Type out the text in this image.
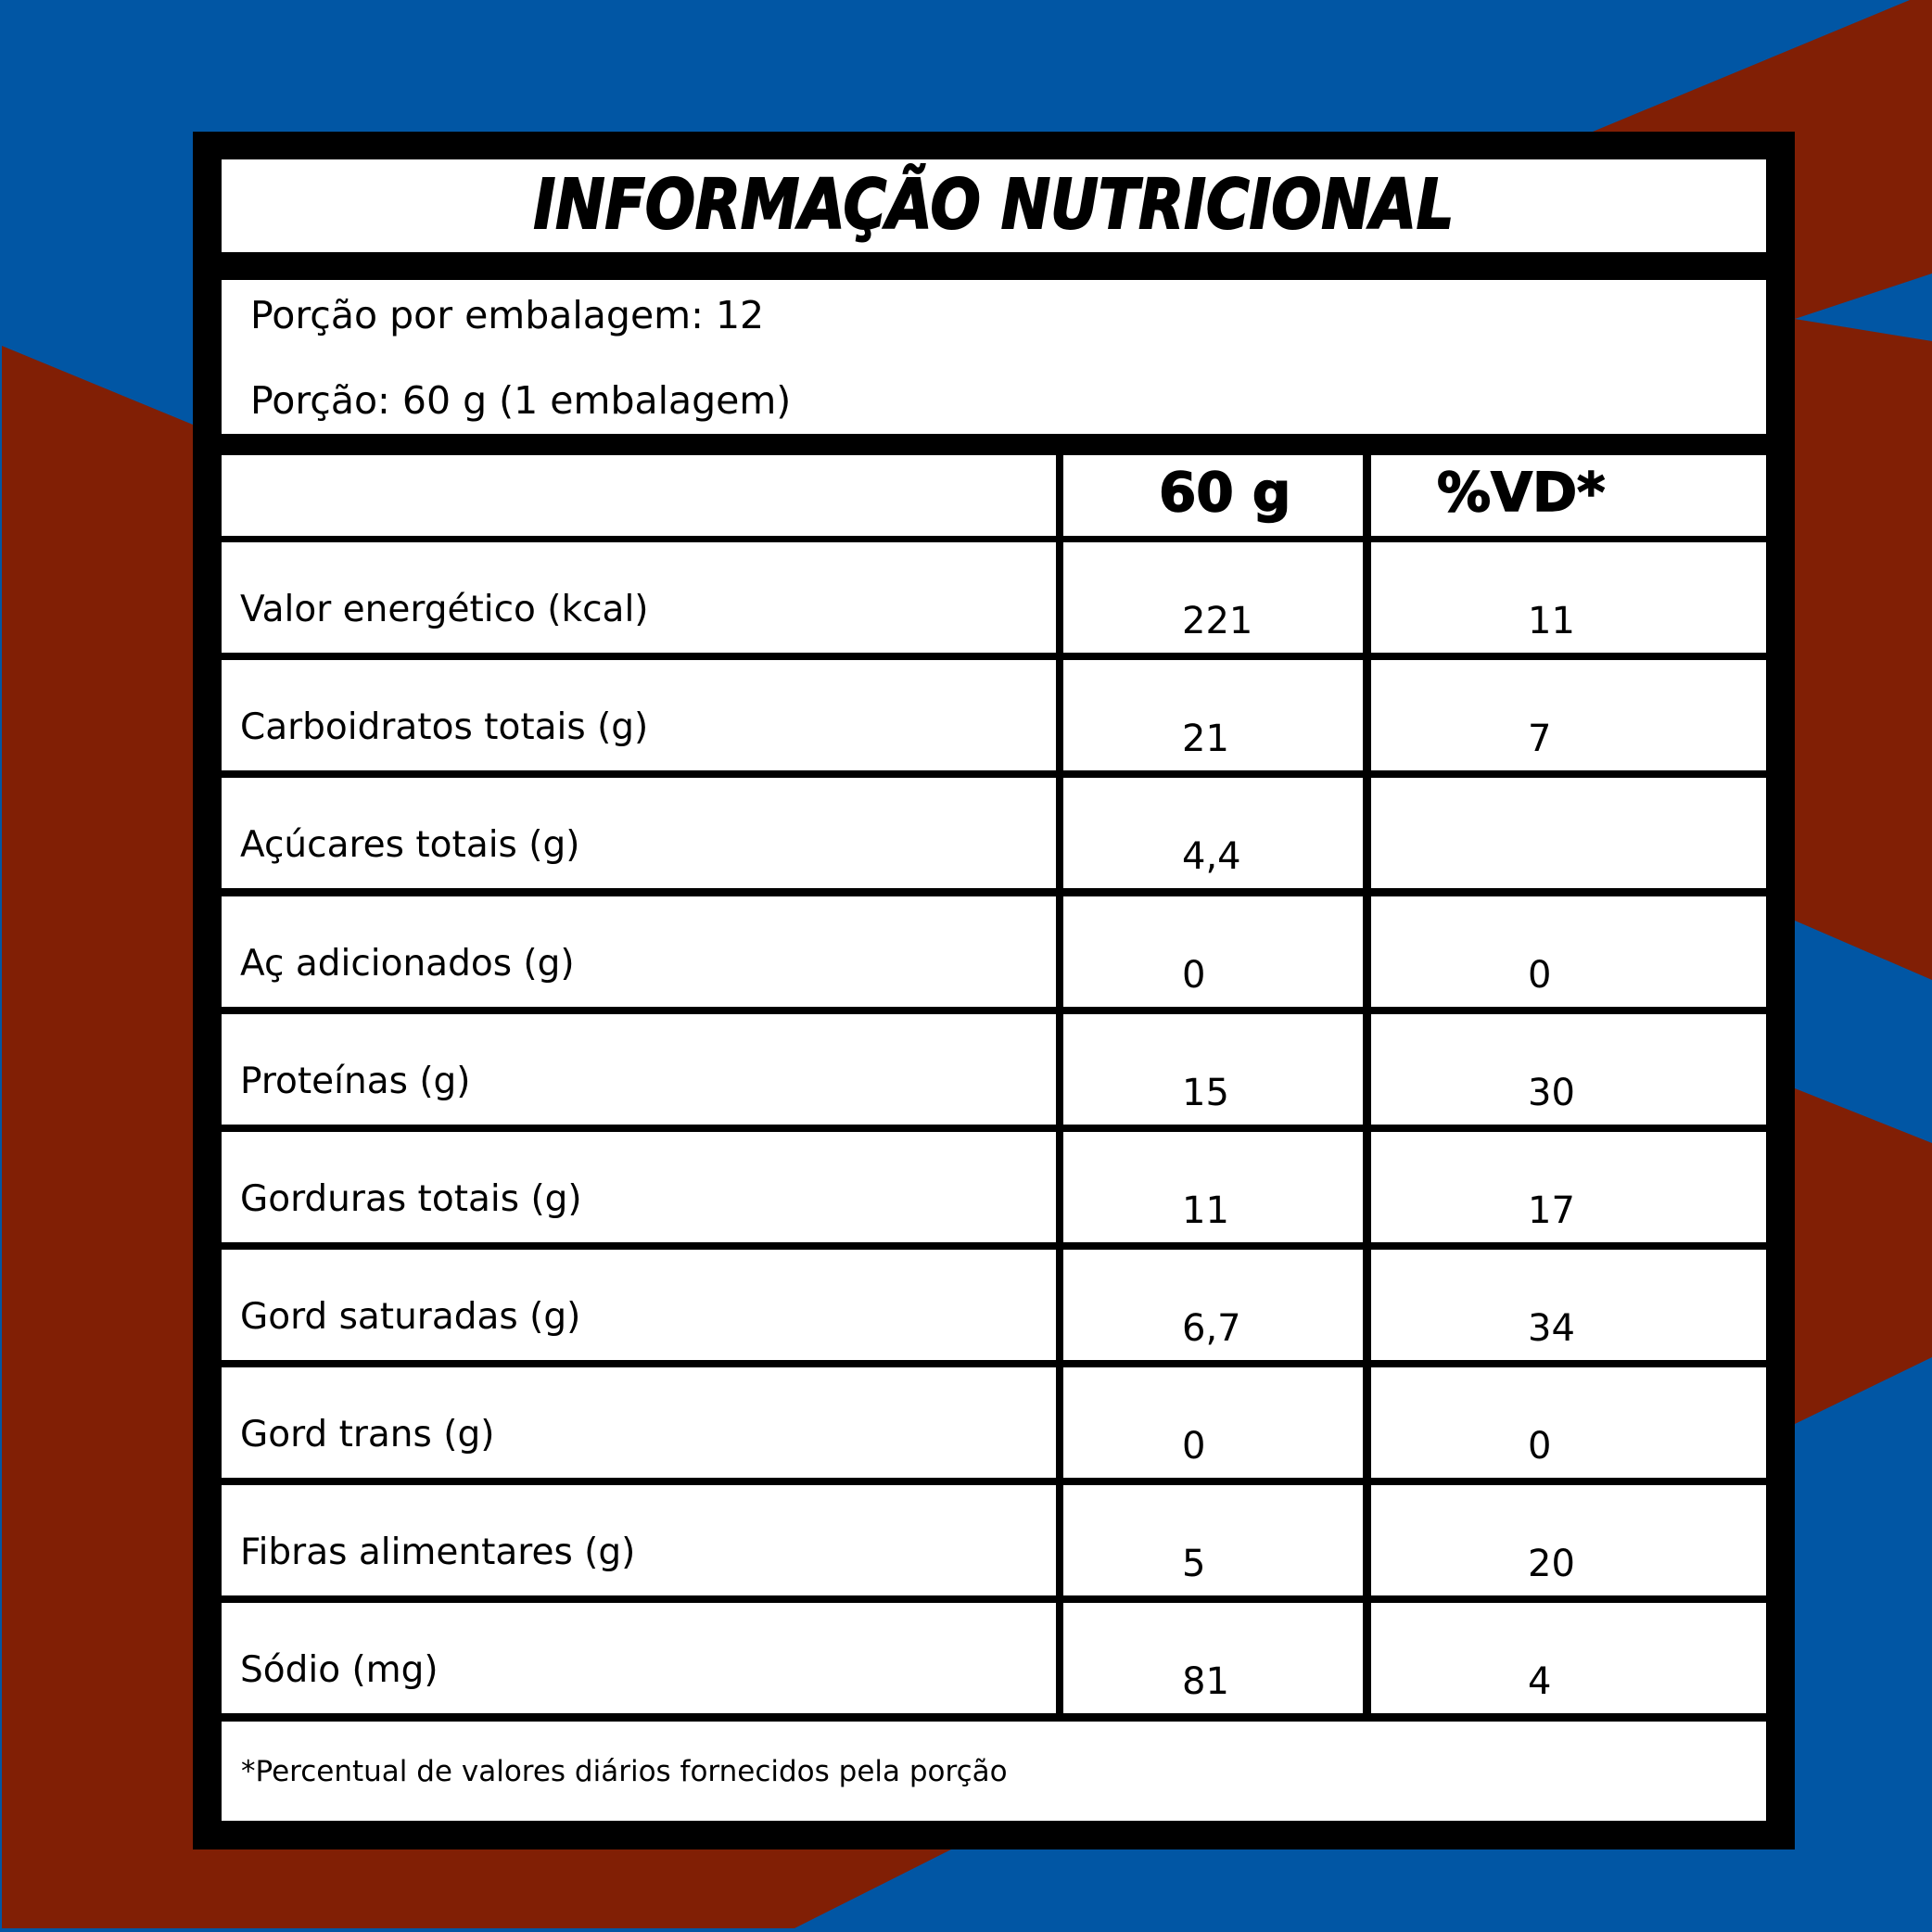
INFORMAÇÃO NUTRICIONAL
Porção por embalagem: 12
Porção: 60 g (1 embalagem)
60 g	%VD*
Valor energético (kcal)	221	11
Carboidratos totais (g)	21	7
Açúcares totais (g)	4,4
Aç adicionados (g)	0	0
Proteínas (g)	15	30
Gorduras totais (g)	11	17
Gord saturadas (g)	6,7	34
Gord trans (g)	0	0
Fibras alimentares (g)	5	20
Sódio (mg)	81	4
*Percentual de valores diários fornecidos pela porção
